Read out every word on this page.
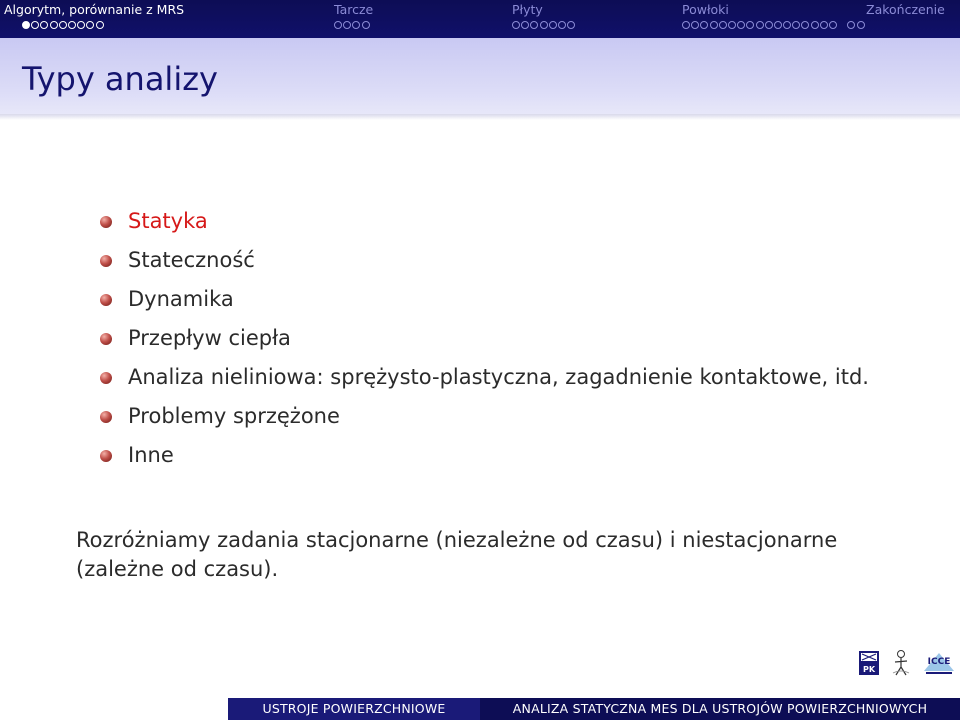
Algorytm, porównanie z MRS	Tarcze	Płyty	Powłoki	Zakończenie
Typy analizy
Statyka
Stateczność
Dynamika
Przepływ ciepła
Analiza nieliniowa: sprężysto-plastyczna, zagadnienie kontaktowe, itd.
Problemy sprzężone
Inne
Rozróżniamy zadania stacjonarne (niezależne od czasu) i niestacjonarne (zależne od czasu).
PK
ICCE
USTROJE POWIERZCHNIOWE	ANALIZA STATYCZNA MES DLA USTROJÓW POWIERZCHNIOWYCH
